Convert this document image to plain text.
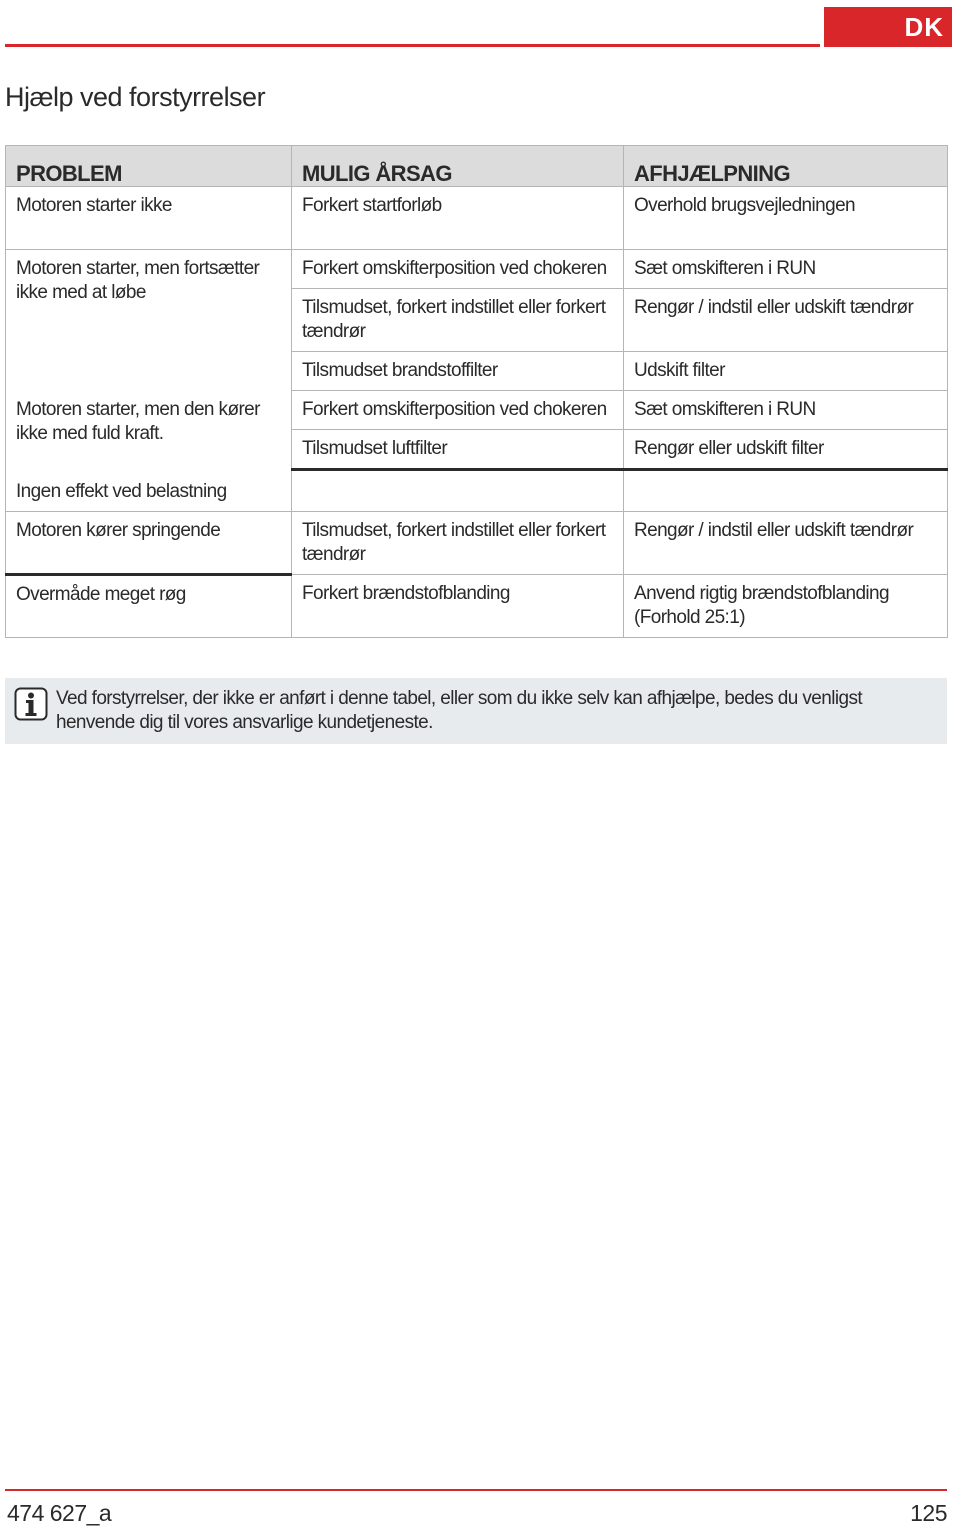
DK
Hjælp ved forstyrrelser
PROBLEM	MULIG ÅRSAG	AFHJÆLPNING
Motoren starter ikke	Forkert startforløb	Overhold brugsvejledningen
Motoren starter, men fortsætter ikke med at løbe	Forkert omskifterposition ved chokeren	Sæt omskifteren i RUN
	Tilsmudset, forkert indstillet eller forkert tændrør	Rengør / indstil eller udskift tændrør
	Tilsmudset brandstoffilter	Udskift filter
Motoren starter, men den kører ikke med fuld kraft.	Forkert omskifterposition ved chokeren	Sæt omskifteren i RUN
	Tilsmudset luftfilter	Rengør eller udskift filter
Ingen effekt ved belastning		
Motoren kører springende	Tilsmudset, forkert indstillet eller forkert tændrør	Rengør / indstil eller udskift tændrør
Overmåde meget røg	Forkert brændstofblanding	Anvend rigtig brændstofblanding (Forhold 25:1)
Ved forstyrrelser, der ikke er anført i denne tabel, eller som du ikke selv kan afhjælpe, bedes du venligst henvende dig til vores ansvarlige kundetjeneste.
474 627_a	125
